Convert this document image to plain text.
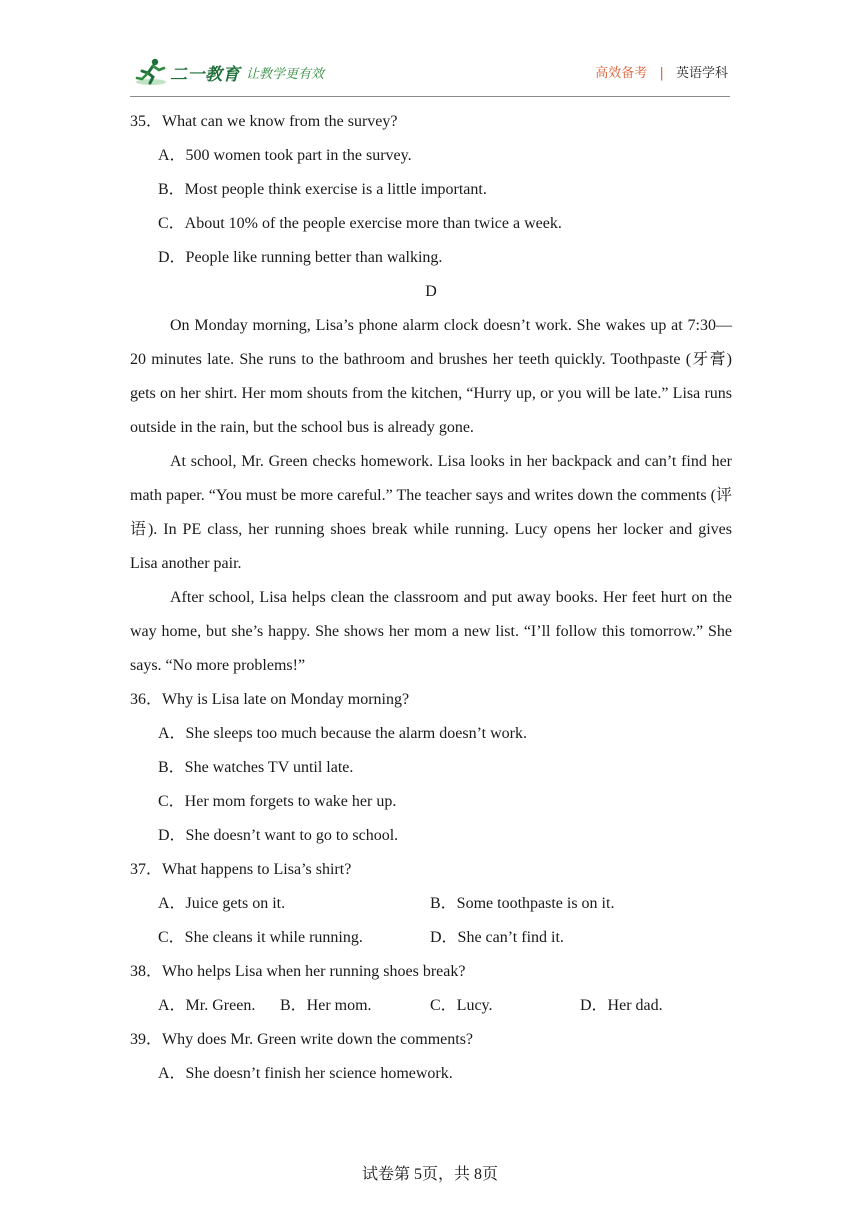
二一教育 让教学更有效	高效备考 | 英语学科
35．What can we know from the survey?
A．500 women took part in the survey.
B．Most people think exercise is a little important.
C．About 10% of the people exercise more than twice a week.
D．People like running better than walking.
D

On Monday morning, Lisa’s phone alarm clock doesn’t work. She wakes up at 7:30—20 minutes late. She runs to the bathroom and brushes her teeth quickly. Toothpaste (牙膏) gets on her shirt. Her mom shouts from the kitchen, “Hurry up, or you will be late.” Lisa runs outside in the rain, but the school bus is already gone.

At school, Mr. Green checks homework. Lisa looks in her backpack and can’t find her math paper. “You must be more careful.” The teacher says and writes down the comments (评语). In PE class, her running shoes break while running. Lucy opens her locker and gives Lisa another pair.

After school, Lisa helps clean the classroom and put away books. Her feet hurt on the way home, but she’s happy. She shows her mom a new list. “I’ll follow this tomorrow.” She says. “No more problems!”

36．Why is Lisa late on Monday morning?
A．She sleeps too much because the alarm doesn’t work.
B．She watches TV until late.
C．Her mom forgets to wake her up.
D．She doesn’t want to go to school.
37．What happens to Lisa’s shirt?
A．Juice gets on it.	B．Some toothpaste is on it.
C．She cleans it while running.	D．She can’t find it.
38．Who helps Lisa when her running shoes break?
A．Mr. Green. B．Her mom.	C．Lucy.	D．Her dad.
39．Why does Mr. Green write down the comments?
A．She doesn’t finish her science homework.
试卷第 5页，共 8页
